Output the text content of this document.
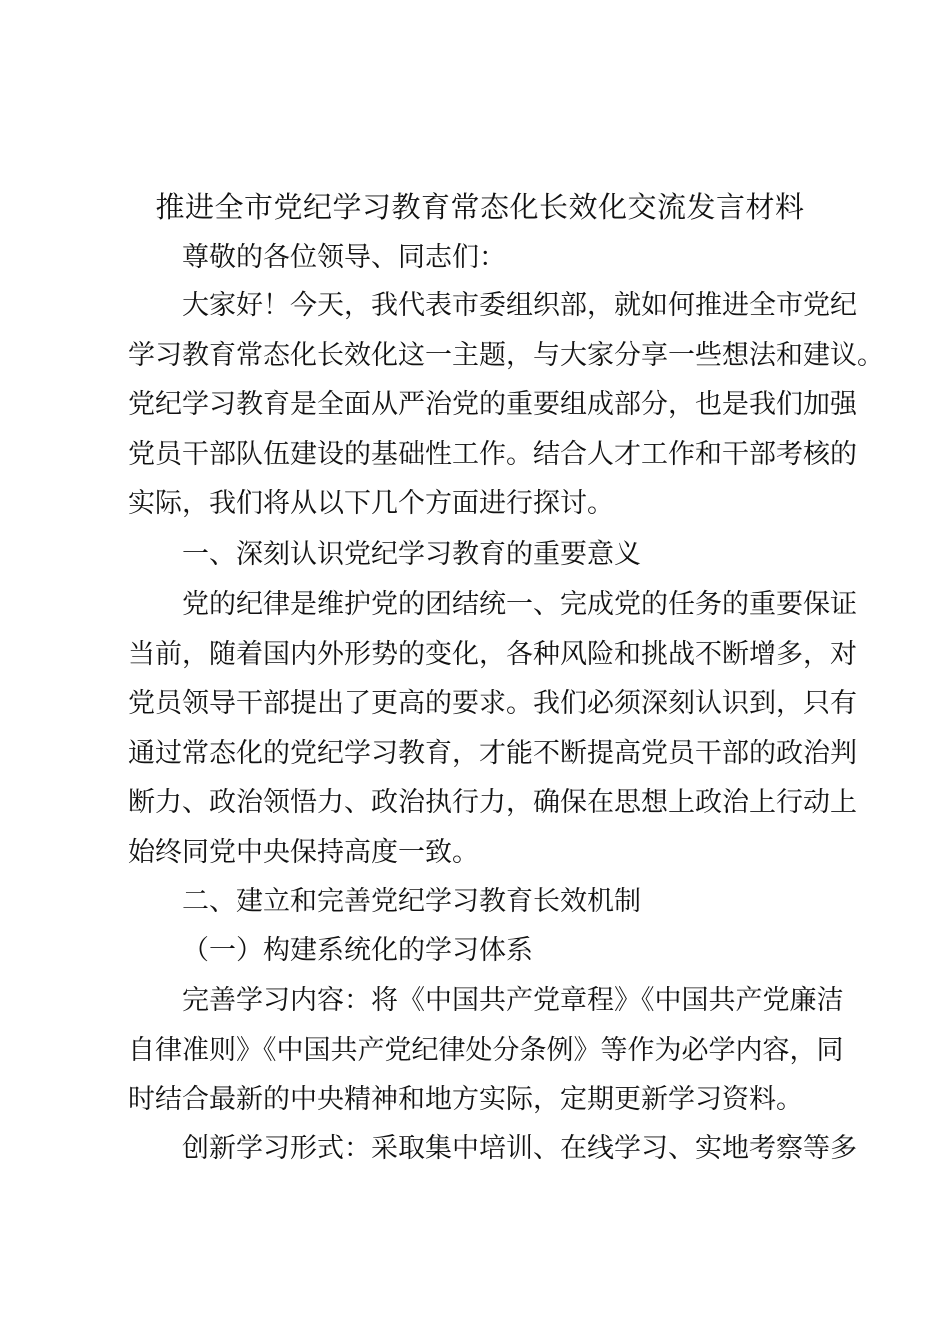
推进全市党纪学习教育常态化长效化交流发言材料
尊敬的各位领导、同志们：
大家好！今天，我代表市委组织部，就如何推进全市党纪
学习教育常态化长效化这一主题，与大家分享一些想法和建议。
党纪学习教育是全面从严治党的重要组成部分，也是我们加强
党员干部队伍建设的基础性工作。结合人才工作和干部考核的
实际，我们将从以下几个方面进行探讨。
一、深刻认识党纪学习教育的重要意义
党的纪律是维护党的团结统一、完成党的任务的重要保证
当前，随着国内外形势的变化，各种风险和挑战不断增多，对
党员领导干部提出了更高的要求。我们必须深刻认识到，只有
通过常态化的党纪学习教育，才能不断提高党员干部的政治判
断力、政治领悟力、政治执行力，确保在思想上政治上行动上
始终同党中央保持高度一致。
二、建立和完善党纪学习教育长效机制
（一）构建系统化的学习体系
完善学习内容：将《中国共产党章程》《中国共产党廉洁
自律准则》《中国共产党纪律处分条例》等作为必学内容，同
时结合最新的中央精神和地方实际，定期更新学习资料。
创新学习形式：采取集中培训、在线学习、实地考察等多
